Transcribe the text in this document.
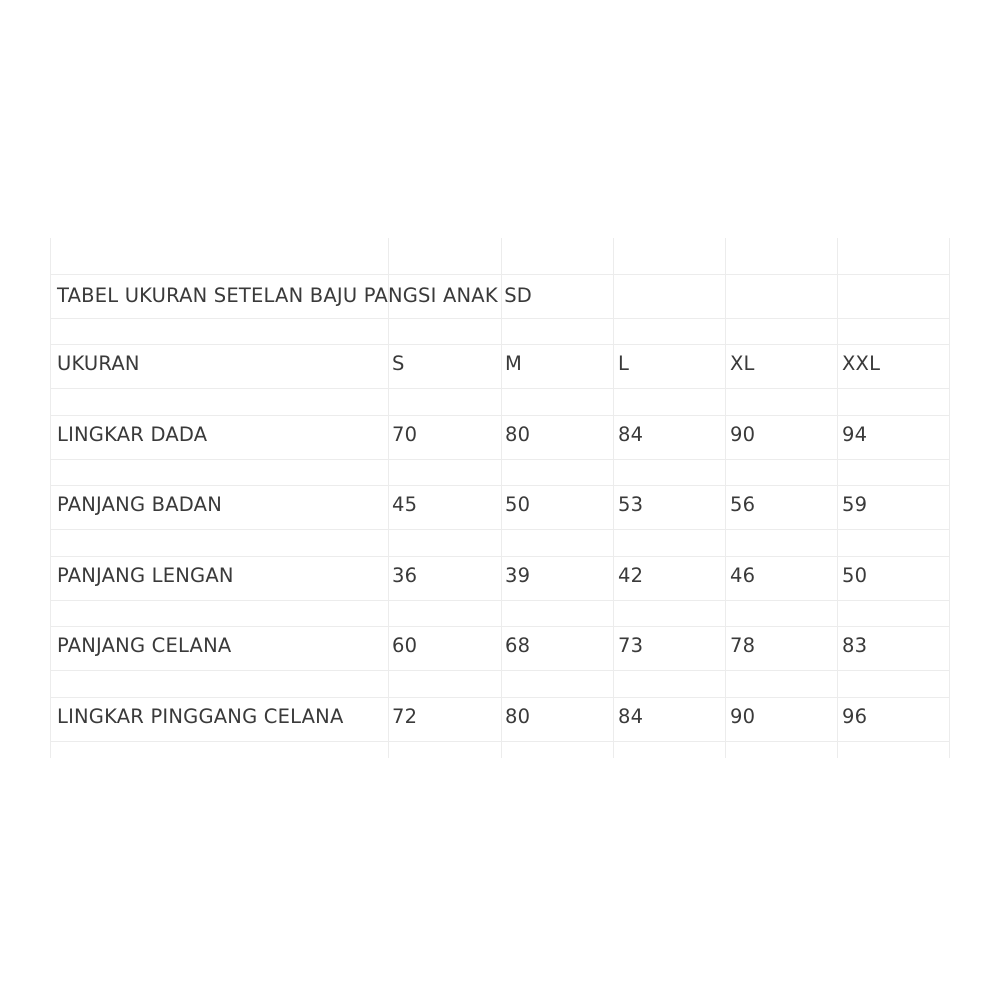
TABEL UKURAN SETELAN BAJU PANGSI ANAK SD
UKURAN	S	M	L	XL	XXL
LINGKAR DADA	70	80	84	90	94
PANJANG BADAN	45	50	53	56	59
PANJANG LENGAN	36	39	42	46	50
PANJANG CELANA	60	68	73	78	83
LINGKAR PINGGANG CELANA 72	80	84	90	96
